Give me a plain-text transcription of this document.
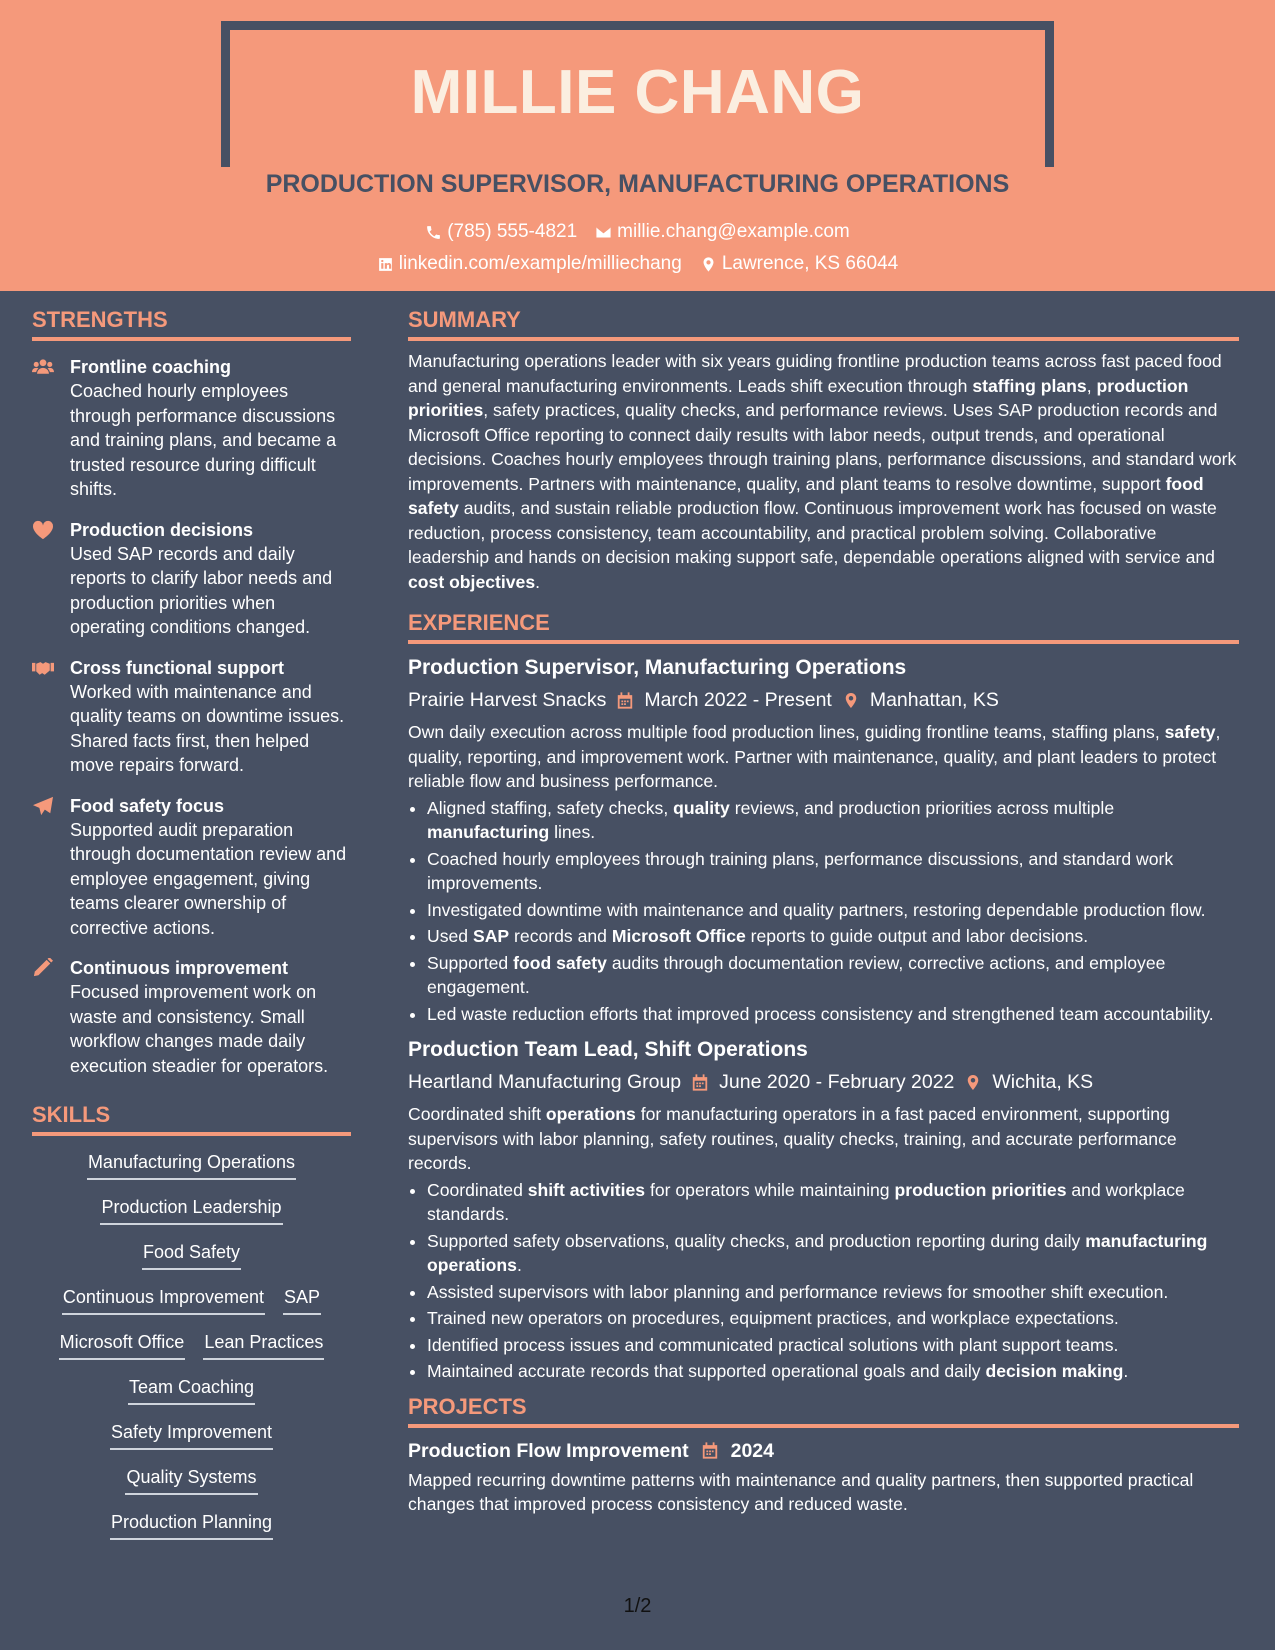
MILLIE CHANG
PRODUCTION SUPERVISOR, MANUFACTURING OPERATIONS
(785) 555-4821 millie.chang@example.com
linkedin.com/example/milliechang Lawrence, KS 66044
STRENGTHS
Frontline coaching
Coached hourly employees through performance discussions and training plans, and became a trusted resource during difficult shifts.
Production decisions
Used SAP records and daily reports to clarify labor needs and production priorities when operating conditions changed.
Cross functional support
Worked with maintenance and quality teams on downtime issues. Shared facts first, then helped move repairs forward.
Food safety focus
Supported audit preparation through documentation review and employee engagement, giving teams clearer ownership of corrective actions.
Continuous improvement
Focused improvement work on waste and consistency. Small workflow changes made daily execution steadier for operators.
SKILLS
Manufacturing Operations
Production Leadership
Food Safety
Continuous Improvement SAP
Microsoft Office Lean Practices
Team Coaching
Safety Improvement
Quality Systems
Production Planning
SUMMARY

Manufacturing operations leader with six years guiding frontline production teams across fast paced food and general manufacturing environments. Leads shift execution through staffing plans, production priorities, safety practices, quality checks, and performance reviews. Uses SAP production records and Microsoft Office reporting to connect daily results with labor needs, output trends, and operational decisions. Coaches hourly employees through training plans, performance discussions, and standard work improvements. Partners with maintenance, quality, and plant teams to resolve downtime, support food safety audits, and sustain reliable production flow. Continuous improvement work has focused on waste reduction, process consistency, team accountability, and practical problem solving. Collaborative leadership and hands on decision making support safe, dependable operations aligned with service and cost objectives.

EXPERIENCE
Production Supervisor, Manufacturing Operations
Prairie Harvest Snacks March 2022 - Present Manhattan, KS

Own daily execution across multiple food production lines, guiding frontline teams, staffing plans, safety, quality, reporting, and improvement work. Partner with maintenance, quality, and plant leaders to protect reliable flow and business performance.

• Aligned staffing, safety checks, quality reviews, and production priorities across multiple manufacturing lines.
• Coached hourly employees through training plans, performance discussions, and standard work improvements.
• Investigated downtime with maintenance and quality partners, restoring dependable production flow.
• Used SAP records and Microsoft Office reports to guide output and labor decisions.
• Supported food safety audits through documentation review, corrective actions, and employee engagement.
• Led waste reduction efforts that improved process consistency and strengthened team accountability.
Production Team Lead, Shift Operations
Heartland Manufacturing Group June 2020 - February 2022 Wichita, KS

Coordinated shift operations for manufacturing operators in a fast paced environment, supporting supervisors with labor planning, safety routines, quality checks, training, and accurate performance records.

• Coordinated shift activities for operators while maintaining production priorities and workplace standards.
• Supported safety observations, quality checks, and production reporting during daily manufacturing operations.
• Assisted supervisors with labor planning and performance reviews for smoother shift execution.
• Trained new operators on procedures, equipment practices, and workplace expectations.
• Identified process issues and communicated practical solutions with plant support teams.
• Maintained accurate records that supported operational goals and daily decision making.
PROJECTS
Production Flow Improvement 2024

Mapped recurring downtime patterns with maintenance and quality partners, then supported practical changes that improved process consistency and reduced waste.

1/2
